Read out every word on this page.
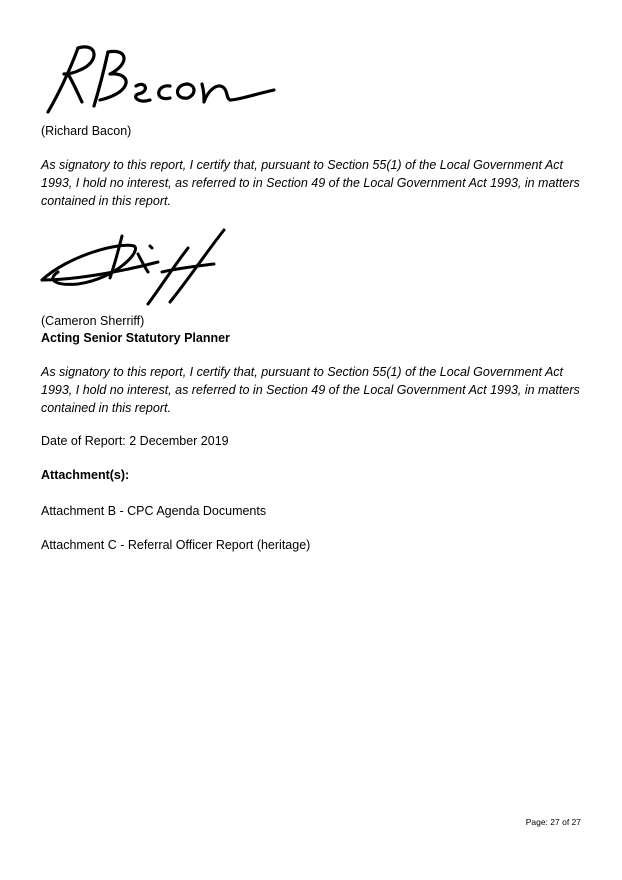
(Richard Bacon)

As signatory to this report, I certify that, pursuant to Section 55(1) of the Local Government Act 1993, I hold no interest, as referred to in Section 49 of the Local Government Act 1993, in matters contained in this report.

(Cameron Sherriff)

Acting Senior Statutory Planner

As signatory to this report, I certify that, pursuant to Section 55(1) of the Local Government Act 1993, I hold no interest, as referred to in Section 49 of the Local Government Act 1993, in matters contained in this report.

Date of Report: 2 December 2019

Attachment(s):

Attachment B - CPC Agenda Documents

Attachment C - Referral Officer Report (heritage)

Page: 27 of 27
